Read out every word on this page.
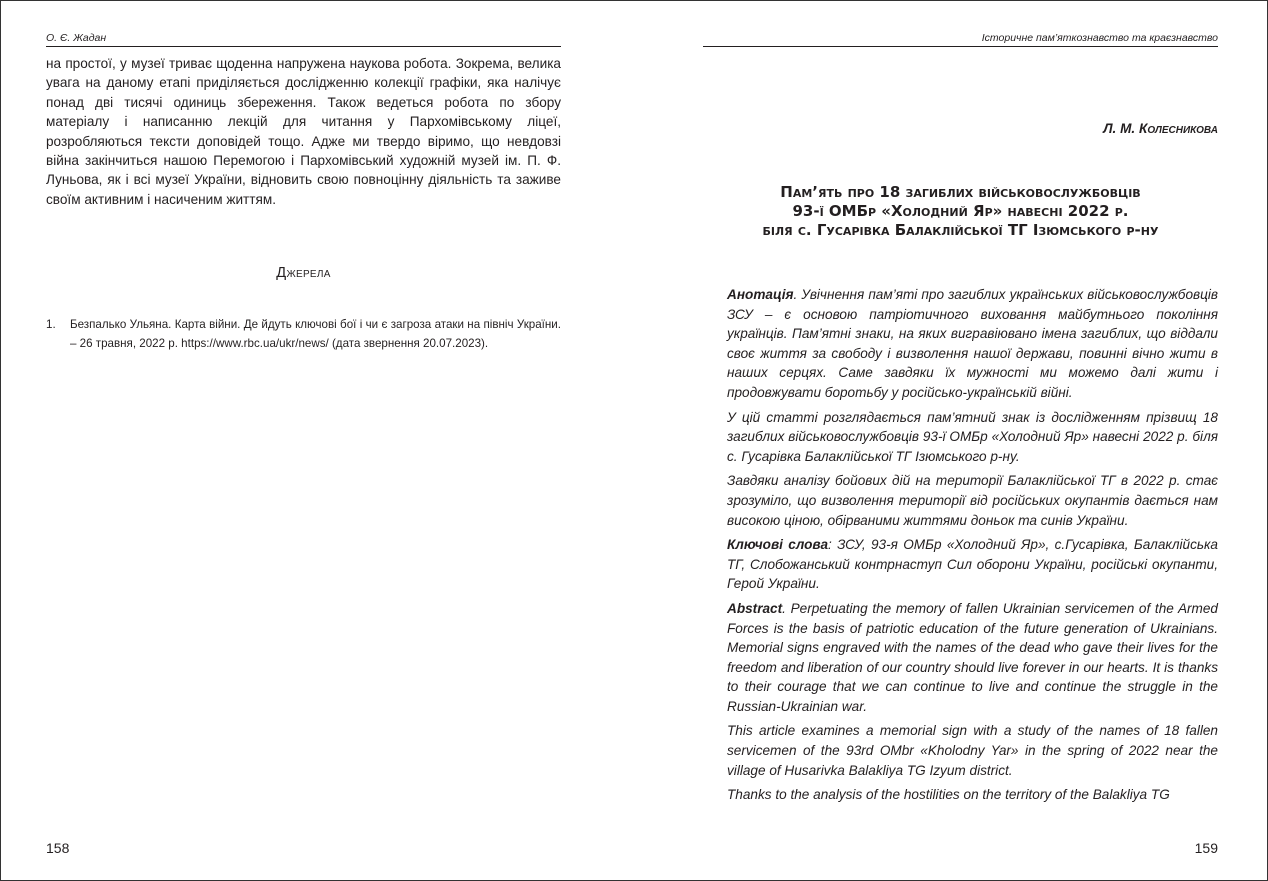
О. Є. Жадан

на простої, у музеї триває щоденна напружена наукова робота. Зокрема, велика увага на даному етапі приділяється дослідженню колекції графіки, яка налічує понад дві тисячі одиниць збереження. Також ведеться робота по збору матеріалу і написанню лекцій для читання у Пархомівському ліцеї, розробляються тексти доповідей тощо. Адже ми твердо віримо, що невдовзі війна закінчиться нашою Перемогою і Пархомівський художній музей ім. П. Ф. Луньова, як і всі музеї України, відновить свою повноцінну діяльність та заживе своїм активним і насиченим життям.

Джерела
1. Безпалько Ульяна. Карта війни. Де йдуть ключові бої і чи є загроза атаки на північ України. – 26 травня, 2022 р. https://www.rbc.ua/ukr/news/ (дата звернення 20.07.2023).
158
Історичне пам’яткознавство та краєзнавство
Л. М. Колесникова
Пам’ять про 18 загиблих військовослужбовців
93-ї ОМБр «Холодний Яр» навесні 2022 р.
біля с. Гусарівка Балаклійської ТГ Ізюмського р-ну

Анотація. Увічнення пам’яті про загиблих українських військовослужбовців ЗСУ – є основою патріотичного виховання майбутнього покоління українців. Пам’ятні знаки, на яких вигравіювано імена загиблих, що віддали своє життя за свободу і визволення нашої держави, повинні вічно жити в наших серцях. Саме завдяки їх мужності ми можемо далі жити і продовжувати боротьбу у російсько-українській війні.

У цій статті розглядається пам’ятний знак із дослідженням прізвищ 18 загиблих військовослужбовців 93-ї ОМБр «Холодний Яр» навесні 2022 р. біля с. Гусарівка Балаклійської ТГ Ізюмського р-ну.

Завдяки аналізу бойових дій на території Балаклійської ТГ в 2022 р. стає зрозуміло, що визволення території від російських окупантів дається нам високою ціною, обірваними життями доньок та синів України.

Ключові слова: ЗСУ, 93-я ОМБр «Холодний Яр», с.Гусарівка, Балаклійська ТГ, Слобожанський контрнаступ Сил оборони України, російські окупанти, Герой України.

Abstract. Perpetuating the memory of fallen Ukrainian servicemen of the Armed Forces is the basis of patriotic education of the future generation of Ukrainians. Memorial signs engraved with the names of the dead who gave their lives for the freedom and liberation of our country should live forever in our hearts. It is thanks to their courage that we can continue to live and continue the struggle in the Russian-Ukrainian war.

This article examines a memorial sign with a study of the names of 18 fallen servicemen of the 93rd OMbr «Kholodny Yar» in the spring of 2022 near the village of Husarivka Balakliya TG Izyum district.

Thanks to the analysis of the hostilities on the territory of the Balakliya TG

159
